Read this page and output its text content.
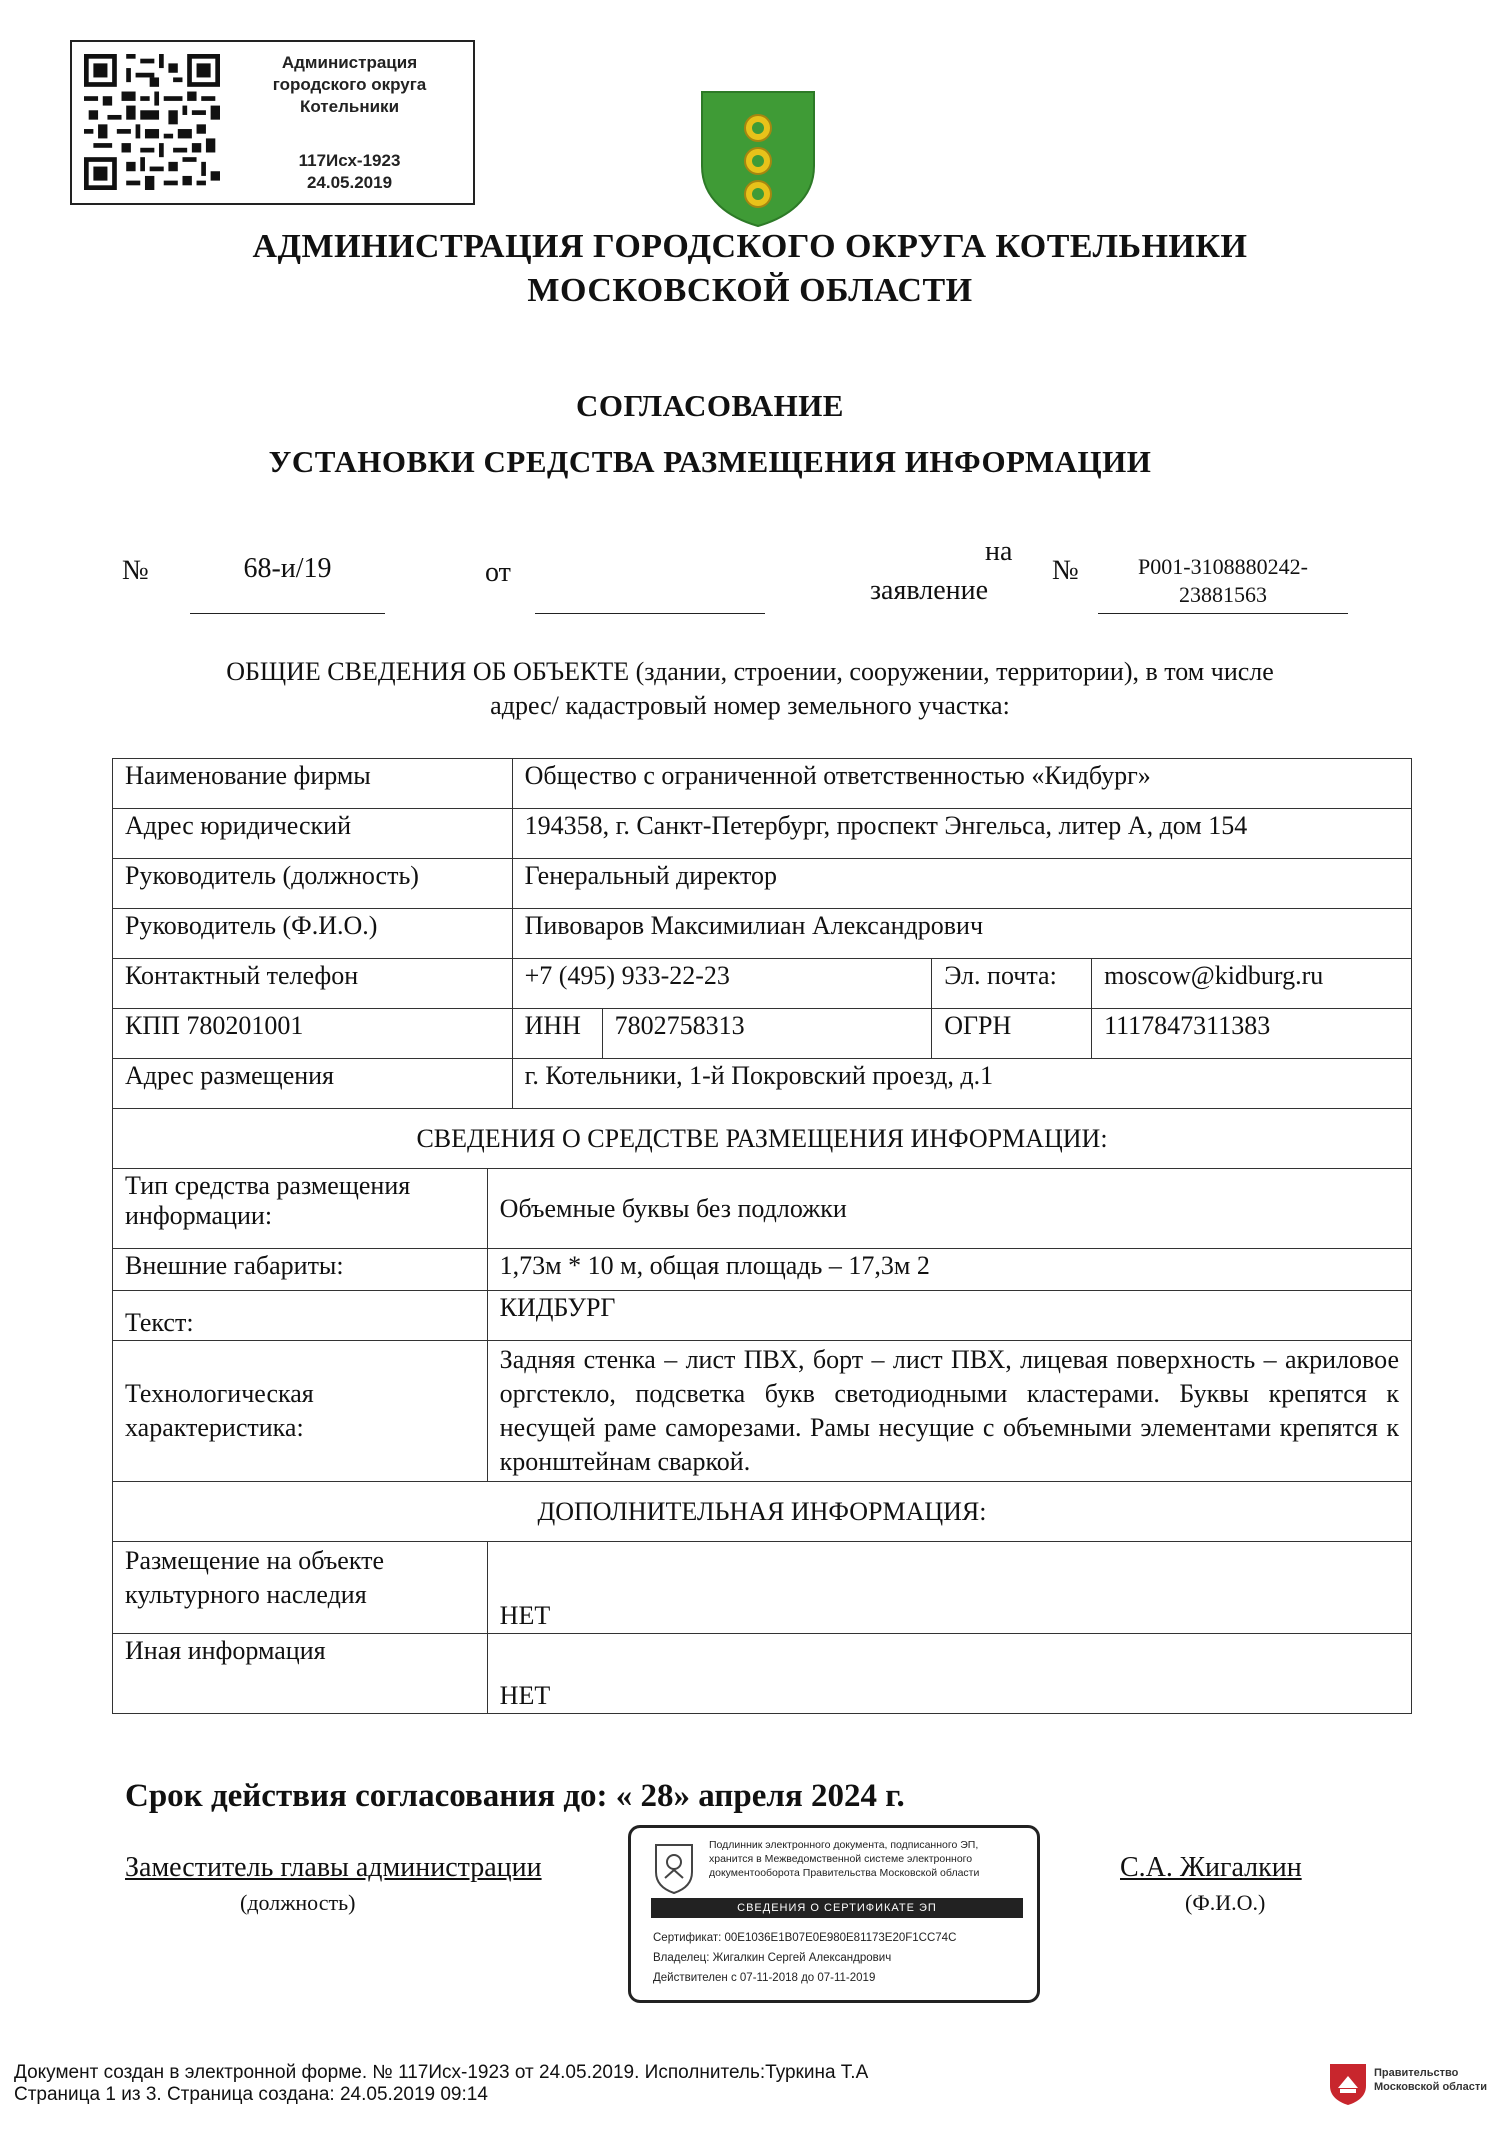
Администрация
городского округа
Котельники
117Исх-1923
24.05.2019
АДМИНИСТРАЦИЯ ГОРОДСКОГО ОКРУГА КОТЕЛЬНИКИ
МОСКОВСКОЙ ОБЛАСТИ
СОГЛАСОВАНИЕ
УСТАНОВКИ СРЕДСТВА РАЗМЕЩЕНИЯ ИНФОРМАЦИИ
№	68-и/19	от
на
заявление
№	P001-3108880242-
23881563
ОБЩИЕ СВЕДЕНИЯ ОБ ОБЪЕКТЕ (здании, строении, сооружении, территории), в том числе
адрес/ кадастровый номер земельного участка:
Наименование фирмы		Общество с ограниченной ответственностью «Кидбург»			
Адрес юридический		194358, г. Санкт-Петербург, проспект Энгельса, литер А, дом 154			
Руководитель (должность)		Генеральный директор			
Руководитель (Ф.И.О.)		Пивоваров Максимилиан Александрович			
Контактный телефон		+7 (495) 933-22-23		Эл. почта:	moscow@kidburg.ru
КПП 780201001		ИНН	7802758313	ОГРН	1117847311383
Адрес размещения		г. Котельники, 1-й Покровский проезд, д.1			
СВЕДЕНИЯ О СРЕДСТВЕ РАЗМЕЩЕНИЯ ИНФОРМАЦИИ:					

Тип средства размещения
информации:	Объемные буквы без подложки				
Внешние габариты:	1,73м * 10 м, общая площадь – 17,3м 2				
Текст:	КИДБУРГ				

Технологическая
характеристика:	Задняя стенка – лист ПВХ, борт – лист ПВХ, лицевая поверхность – акриловое оргстекло, подсветка букв светодиодными кластерами. Буквы крепятся к несущей раме саморезами. Рамы несущие с объемными элементами крепятся к кронштейнам сваркой.				
ДОПОЛНИТЕЛЬНАЯ ИНФОРМАЦИЯ:					

Размещение на объекте
культурного наследия	НЕТ				
Иная информация	НЕТ				
Срок действия согласования до: « 28» апреля 2024 г.
Заместитель главы администрации
(должность)
С.А. Жигалкин
(Ф.И.О.)
Подлинник электронного документа, подписанного ЭП,
хранится в Межведомственной системе электронного
документооборота Правительства Московской области
СВЕДЕНИЯ О СЕРТИФИКАТЕ ЭП
Сертификат: 00E1036E1B07E0E980E81173E20F1CC74C
Владелец: Жигалкин Сергей Александрович
Действителен с 07-11-2018 до 07-11-2019
Документ создан в электронной форме. № 117Исх-1923 от 24.05.2019. Исполнитель:Туркина Т.А
Страница 1 из 3. Страница создана: 24.05.2019 09:14
Правительство
Московской области
